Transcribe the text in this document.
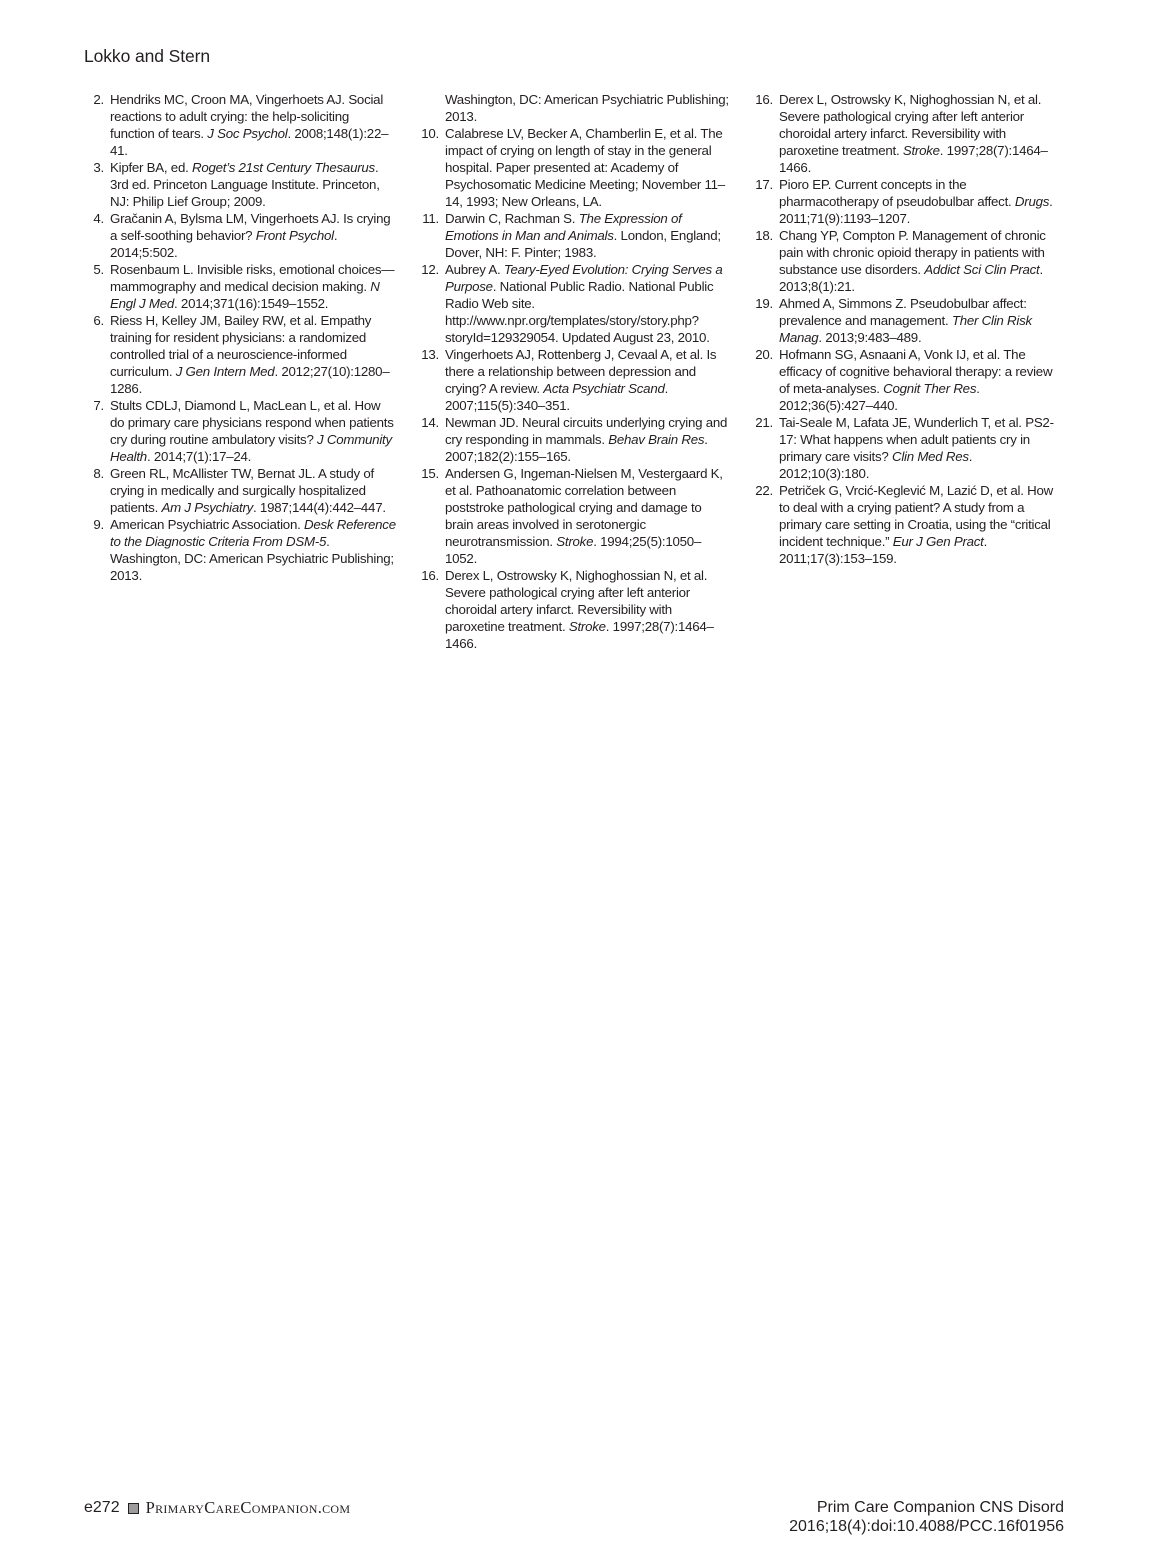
Lokko and Stern
2. Hendriks MC, Croon MA, Vingerhoets AJ. Social reactions to adult crying: the help-soliciting function of tears. J Soc Psychol. 2008;148(1):22–41.
3. Kipfer BA, ed. Roget’s 21st Century Thesaurus. 3rd ed. Princeton Language Institute. Princeton, NJ: Philip Lief Group; 2009.
4. Gračanin A, Bylsma LM, Vingerhoets AJ. Is crying a self-soothing behavior? Front Psychol. 2014;5:502.
5. Rosenbaum L. Invisible risks, emotional choices—mammography and medical decision making. N Engl J Med. 2014;371(16):1549–1552.
6. Riess H, Kelley JM, Bailey RW, et al. Empathy training for resident physicians: a randomized controlled trial of a neuroscience-informed curriculum. J Gen Intern Med. 2012;27(10):1280–1286.
7. Stults CDLJ, Diamond L, MacLean L, et al. How do primary care physicians respond when patients cry during routine ambulatory visits? J Community Health. 2014;7(1):17–24.
8. Green RL, McAllister TW, Bernat JL. A study of crying in medically and surgically hospitalized patients. Am J Psychiatry. 1987;144(4):442–447.
9. American Psychiatric Association. Desk Reference to the Diagnostic Criteria From DSM-5.
Washington, DC: American Psychiatric Publishing; 2013.
Washington, DC: American Psychiatric Publishing; 2013.
10. Calabrese LV, Becker A, Chamberlin E, et al. The impact of crying on length of stay in the general hospital. Paper presented at: Academy of Psychosomatic Medicine Meeting; November 11–14, 1993; New Orleans, LA.
11. Darwin C, Rachman S. The Expression of Emotions in Man and Animals. London, England; Dover, NH: F. Pinter; 1983.
12. Aubrey A. Teary-Eyed Evolution: Crying Serves a Purpose. National Public Radio. National Public Radio Web site. http://www.npr.org/templates/story/story.php?storyId=129329054. Updated August 23, 2010.
13. Vingerhoets AJ, Rottenberg J, Cevaal A, et al. Is there a relationship between depression and crying? A review. Acta Psychiatr Scand. 2007;115(5):340–351.
14. Newman JD. Neural circuits underlying crying and cry responding in mammals. Behav Brain Res. 2007;182(2):155–165.
15. Andersen G, Ingeman-Nielsen M, Vestergaard K, et al. Pathoanatomic correlation between poststroke pathological crying and damage to brain areas involved in serotonergic neurotransmission. Stroke. 1994;25(5):1050–1052.
16. Derex L, Ostrowsky K, Nighoghossian N, et al. Severe pathological crying after left anterior choroidal artery infarct. Reversibility with paroxetine treatment. Stroke. 1997;28(7):1464–1466.
16. Derex L, Ostrowsky K, Nighoghossian N, et al. Severe pathological crying after left anterior choroidal artery infarct. Reversibility with paroxetine treatment. Stroke. 1997;28(7):1464–1466.
17. Pioro EP. Current concepts in the pharmacotherapy of pseudobulbar affect. Drugs. 2011;71(9):1193–1207.
18. Chang YP, Compton P. Management of chronic pain with chronic opioid therapy in patients with substance use disorders. Addict Sci Clin Pract. 2013;8(1):21.
19. Ahmed A, Simmons Z. Pseudobulbar affect: prevalence and management. Ther Clin Risk Manag. 2013;9:483–489.
20. Hofmann SG, Asnaani A, Vonk IJ, et al. The efficacy of cognitive behavioral therapy: a review of meta-analyses. Cognit Ther Res. 2012;36(5):427–440.
21. Tai-Seale M, Lafata JE, Wunderlich T, et al. PS2-17: What happens when adult patients cry in primary care visits? Clin Med Res. 2012;10(3):180.
22. Petriček G, Vrcić-Keglević M, Lazić D, et al. How to deal with a crying patient? A study from a primary care setting in Croatia, using the “critical incident technique.” Eur J Gen Pract. 2011;17(3):153–159.
e272 PrimaryCareCompanion.com	Prim Care Companion CNS Disord
2016;18(4):doi:10.4088/PCC.16f01956
